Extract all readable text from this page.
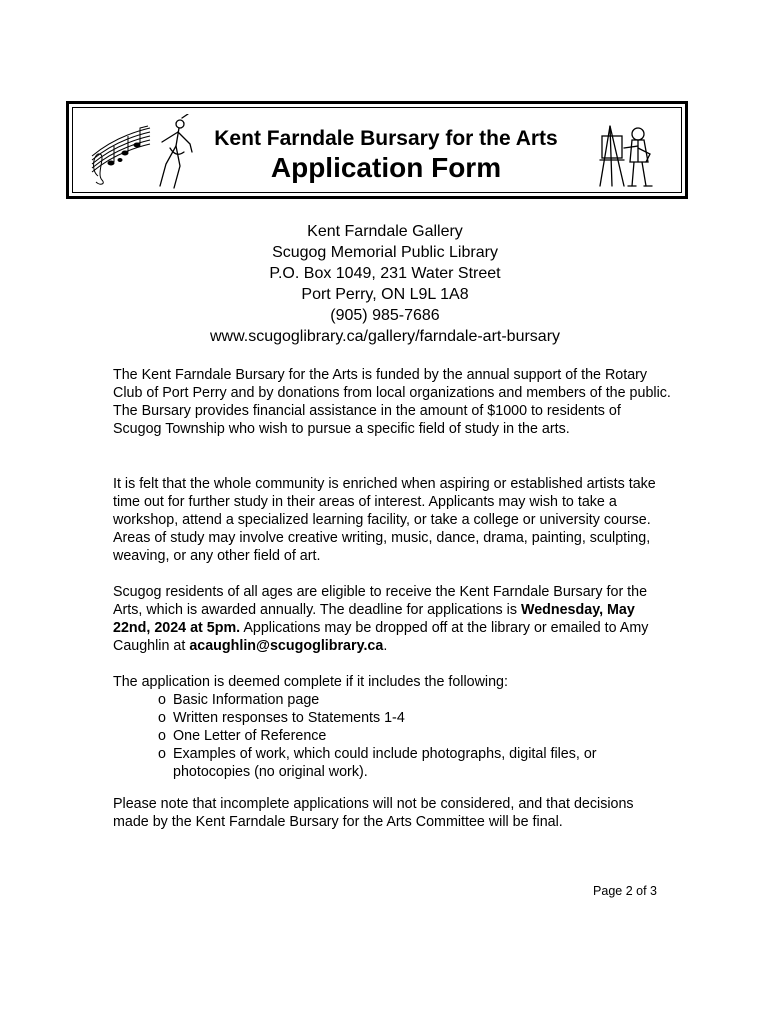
Kent Farndale Bursary for the Arts
Application Form
Kent Farndale Gallery
Scugog Memorial Public Library
P.O. Box 1049, 231 Water Street
Port Perry, ON L9L 1A8
(905) 985-7686
www.scugoglibrary.ca/gallery/farndale-art-bursary
The Kent Farndale Bursary for the Arts is funded by the annual support of the Rotary Club of Port Perry and by donations from local organizations and members of the public. The Bursary provides financial assistance in the amount of $1000 to residents of Scugog Township who wish to pursue a specific field of study in the arts.
It is felt that the whole community is enriched when aspiring or established artists take time out for further study in their areas of interest. Applicants may wish to take a workshop, attend a specialized learning facility, or take a college or university course. Areas of study may involve creative writing, music, dance, drama, painting, sculpting, weaving, or any other field of art.
Scugog residents of all ages are eligible to receive the Kent Farndale Bursary for the Arts, which is awarded annually. The deadline for applications is Wednesday, May 22nd, 2024 at 5pm. Applications may be dropped off at the library or emailed to Amy Caughlin at acaughlin@scugoglibrary.ca.
The application is deemed complete if it includes the following:
o Basic Information page
o Written responses to Statements 1-4
o One Letter of Reference
o Examples of work, which could include photographs, digital files, or photocopies (no original work).
Please note that incomplete applications will not be considered, and that decisions made by the Kent Farndale Bursary for the Arts Committee will be final.
Page 2 of 3
